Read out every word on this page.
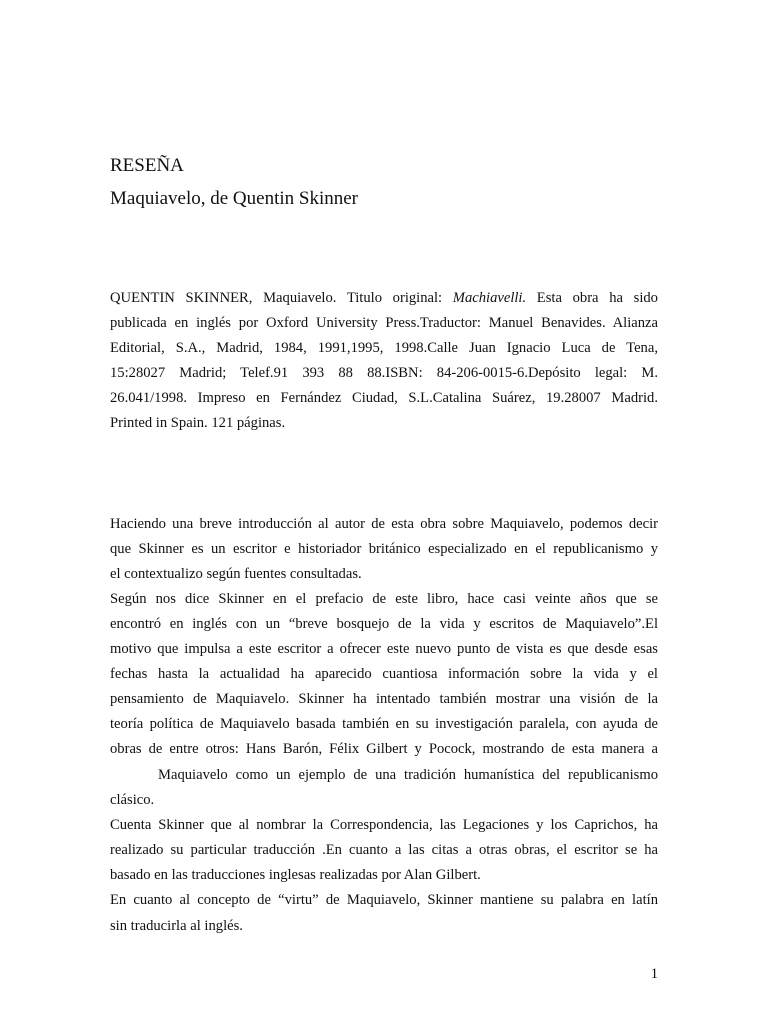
RESEÑA
Maquiavelo, de Quentin Skinner
QUENTIN SKINNER, Maquiavelo. Titulo original: Machiavelli. Esta obra ha sido
publicada en inglés por Oxford University Press.Traductor: Manuel Benavides. Alianza
Editorial, S.A., Madrid, 1984, 1991,1995, 1998.Calle Juan Ignacio Luca de Tena,
15:28027 Madrid; Telef.91 393 88 88.ISBN: 84-206-0015-6.Depósito legal: M.
26.041/1998. Impreso en Fernández Ciudad, S.L.Catalina Suárez, 19.28007 Madrid.
Printed in Spain. 121 páginas.
Haciendo una breve introducción al autor de esta obra sobre Maquiavelo, podemos decir
que Skinner es un escritor e historiador británico especializado en el republicanismo y
el contextualizo según fuentes consultadas.
Según nos dice Skinner en el prefacio de este libro, hace casi veinte años que se
encontró en inglés con un “breve bosquejo de la vida y escritos de Maquiavelo”.El
motivo que impulsa a este escritor a ofrecer este nuevo punto de vista es que desde esas
fechas hasta la actualidad ha aparecido cuantiosa información sobre la vida y el
pensamiento de Maquiavelo. Skinner ha intentado también mostrar una visión de la
teoría política de Maquiavelo basada también en su investigación paralela, con ayuda de
obras de entre otros: Hans Barón, Félix Gilbert y Pocock, mostrando de esta manera a
Maquiavelo como un ejemplo de una tradición humanística del republicanismo
clásico.
Cuenta Skinner que al nombrar la Correspondencia, las Legaciones y los Caprichos, ha
realizado su particular traducción .En cuanto a las citas a otras obras, el escritor se ha
basado en las traducciones inglesas realizadas por Alan Gilbert.
En cuanto al concepto de “virtu” de Maquiavelo, Skinner mantiene su palabra en latín
sin traducirla al inglés.
1
